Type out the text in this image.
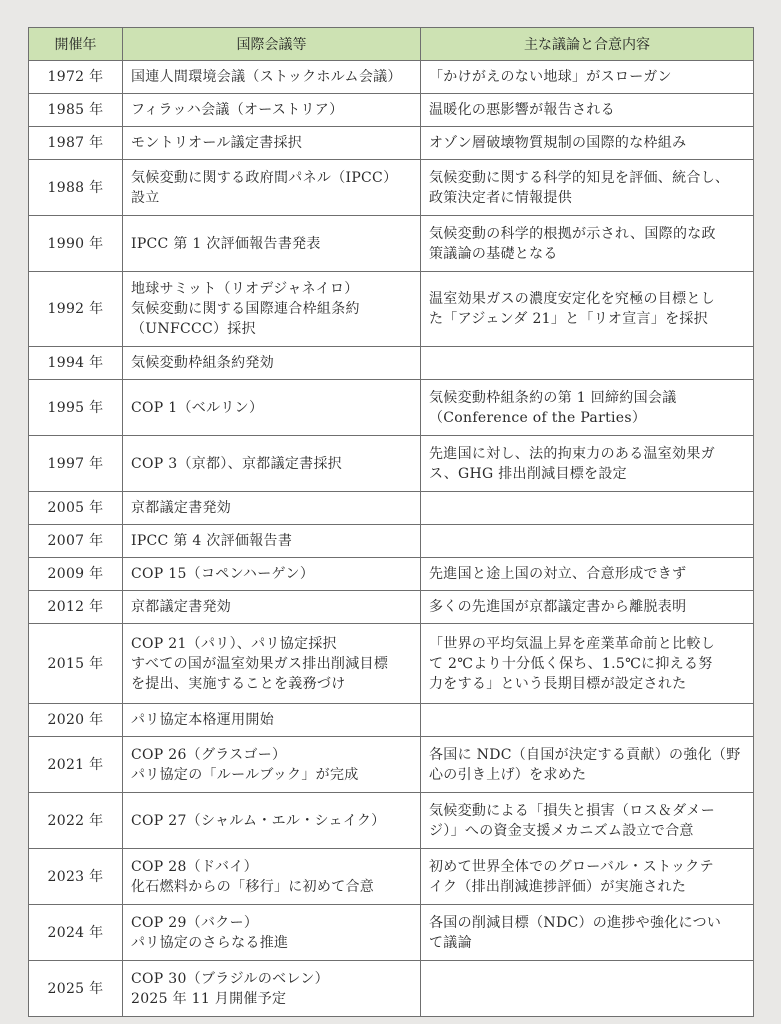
開催年	国際会議等	主な議論と合意内容
1972 年	国連人間環境会議（ストックホルム会議）	「かけがえのない地球」がスローガン

1985 年	フィラッハ会議（オーストリア）	温暖化の悪影響が報告される

1987 年	モントリオール議定書採択	オゾン層破壊物質規制の国際的な枠組み

1988 年	気候変動に関する政府間パネル（IPCC）
設立	気候変動に関する科学的知見を評価、統合し、
政策決定者に情報提供

1990 年	IPCC 第 1 次評価報告書発表	気候変動の科学的根拠が示され、国際的な政
策議論の基礎となる

1992 年	地球サミット（リオデジャネイロ）
気候変動に関する国際連合枠組条約
（UNFCCC）採択	温室効果ガスの濃度安定化を究極の目標とし
た「アジェンダ 21」と「リオ宣言」を採択

1994 年	気候変動枠組条約発効	

1995 年	COP 1（ベルリン）	気候変動枠組条約の第 1 回締約国会議
（Conference of the Parties）

1997 年	COP 3（京都）、京都議定書採択	先進国に対し、法的拘束力のある温室効果ガ
ス、GHG 排出削減目標を設定

2005 年	京都議定書発効	

2007 年	IPCC 第 4 次評価報告書	

2009 年	COP 15（コペンハーゲン）	先進国と途上国の対立、合意形成できず

2012 年	京都議定書発効	多くの先進国が京都議定書から離脱表明

2015 年	COP 21（パリ）、パリ協定採択
すべての国が温室効果ガス排出削減目標
を提出、実施することを義務づけ	「世界の平均気温上昇を産業革命前と比較し
て 2℃より十分低く保ち、1.5℃に抑える努
力をする」という長期目標が設定された

2020 年	パリ協定本格運用開始	

2021 年	COP 26（グラスゴー）
パリ協定の「ルールブック」が完成	各国に NDC（自国が決定する貢献）の強化（野
心の引き上げ）を求めた

2022 年	COP 27（シャルム・エル・シェイク）	気候変動による「損失と損害（ロス＆ダメー
ジ）」への資金支援メカニズム設立で合意

2023 年	COP 28（ドバイ）
化石燃料からの「移行」に初めて合意	初めて世界全体でのグローバル・ストックテ
イク（排出削減進捗評価）が実施された

2024 年	COP 29（バクー）
パリ協定のさらなる推進	各国の削減目標（NDC）の進捗や強化につい
て議論

2025 年	COP 30（ブラジルのベレン）
2025 年 11 月開催予定	
